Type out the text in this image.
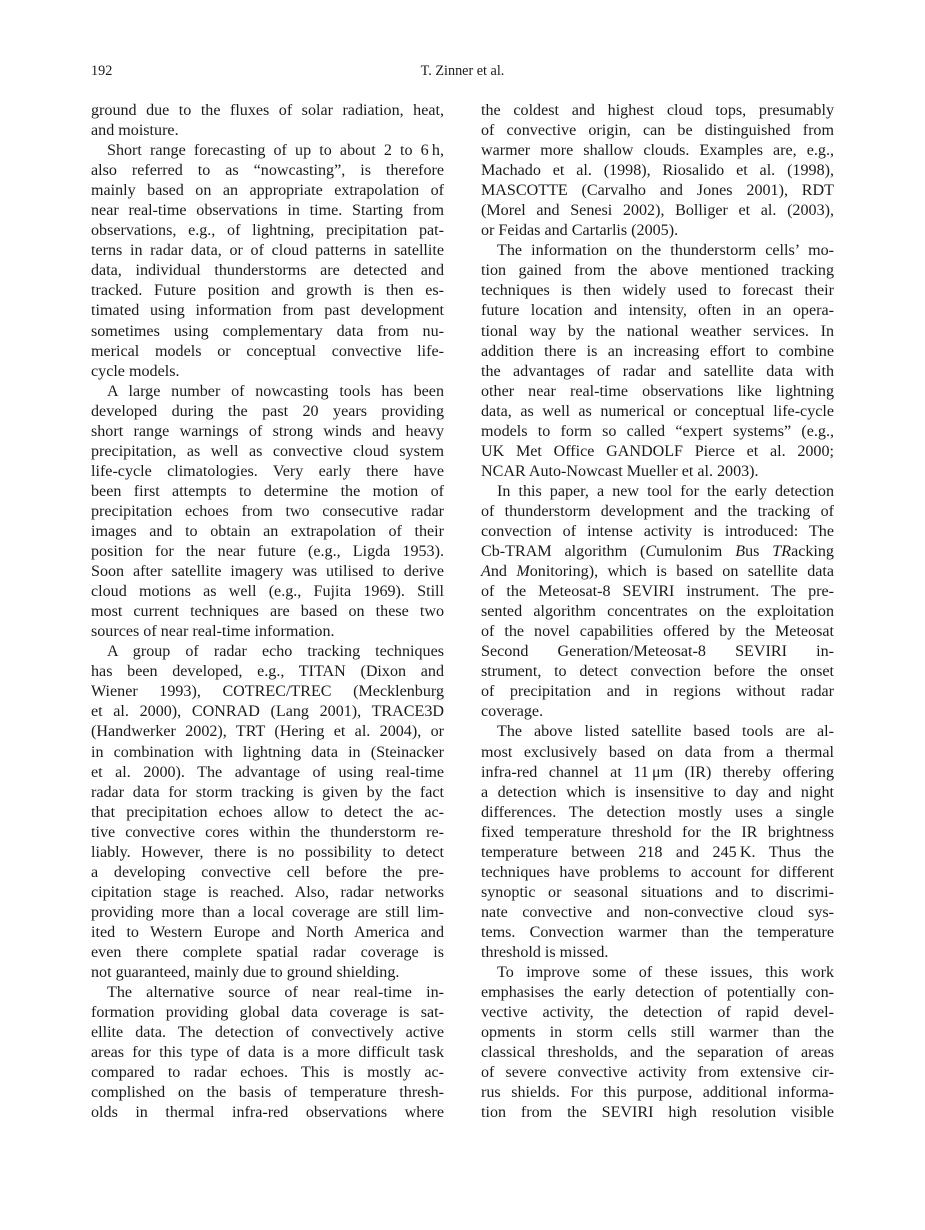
192	T. Zinner et al.

ground due to the fluxes of solar radiation, heat,
and moisture.

Short range forecasting of up to about 2 to 6 h,
also referred to as “nowcasting”, is therefore
mainly based on an appropriate extrapolation of
near real-time observations in time. Starting from
observations, e.g., of lightning, precipitation pat-
terns in radar data, or of cloud patterns in satellite
data, individual thunderstorms are detected and
tracked. Future position and growth is then es-
timated using information from past development
sometimes using complementary data from nu-
merical models or conceptual convective life-
cycle models.

A large number of nowcasting tools has been
developed during the past 20 years providing
short range warnings of strong winds and heavy
precipitation, as well as convective cloud system
life-cycle climatologies. Very early there have
been first attempts to determine the motion of
precipitation echoes from two consecutive radar
images and to obtain an extrapolation of their
position for the near future (e.g., Ligda 1953).
Soon after satellite imagery was utilised to derive
cloud motions as well (e.g., Fujita 1969). Still
most current techniques are based on these two
sources of near real-time information.

A group of radar echo tracking techniques
has been developed, e.g., TITAN (Dixon and
Wiener 1993), COTREC/TREC (Mecklenburg
et al. 2000), CONRAD (Lang 2001), TRACE3D
(Handwerker 2002), TRT (Hering et al. 2004), or
in combination with lightning data in (Steinacker
et al. 2000). The advantage of using real-time
radar data for storm tracking is given by the fact
that precipitation echoes allow to detect the ac-
tive convective cores within the thunderstorm re-
liably. However, there is no possibility to detect
a developing convective cell before the pre-
cipitation stage is reached. Also, radar networks
providing more than a local coverage are still lim-
ited to Western Europe and North America and
even there complete spatial radar coverage is
not guaranteed, mainly due to ground shielding.

The alternative source of near real-time in-
formation providing global data coverage is sat-
ellite data. The detection of convectively active
areas for this type of data is a more difficult task
compared to radar echoes. This is mostly ac-
complished on the basis of temperature thresh-
olds in thermal infra-red observations where

the coldest and highest cloud tops, presumably
of convective origin, can be distinguished from
warmer more shallow clouds. Examples are, e.g.,
Machado et al. (1998), Riosalido et al. (1998),
MASCOTTE (Carvalho and Jones 2001), RDT
(Morel and Senesi 2002), Bolliger et al. (2003),
or Feidas and Cartarlis (2005).

The information on the thunderstorm cells’ mo-
tion gained from the above mentioned tracking
techniques is then widely used to forecast their
future location and intensity, often in an opera-
tional way by the national weather services. In
addition there is an increasing effort to combine
the advantages of radar and satellite data with
other near real-time observations like lightning
data, as well as numerical or conceptual life-cycle
models to form so called “expert systems” (e.g.,
UK Met Office GANDOLF Pierce et al. 2000;
NCAR Auto-Nowcast Mueller et al. 2003).

In this paper, a new tool for the early detection
of thunderstorm development and the tracking of
convection of intense activity is introduced: The
Cb-TRAM algorithm (Cumulonim Bus TRacking
And Monitoring), which is based on satellite data
of the Meteosat-8 SEVIRI instrument. The pre-
sented algorithm concentrates on the exploitation
of the novel capabilities offered by the Meteosat
Second Generation/Meteosat-8 SEVIRI in-
strument, to detect convection before the onset
of precipitation and in regions without radar
coverage.

The above listed satellite based tools are al-
most exclusively based on data from a thermal
infra-red channel at 11 μm (IR) thereby offering
a detection which is insensitive to day and night
differences. The detection mostly uses a single
fixed temperature threshold for the IR brightness
temperature between 218 and 245 K. Thus the
techniques have problems to account for different
synoptic or seasonal situations and to discrimi-
nate convective and non-convective cloud sys-
tems. Convection warmer than the temperature
threshold is missed.

To improve some of these issues, this work
emphasises the early detection of potentially con-
vective activity, the detection of rapid devel-
opments in storm cells still warmer than the
classical thresholds, and the separation of areas
of severe convective activity from extensive cir-
rus shields. For this purpose, additional informa-
tion from the SEVIRI high resolution visible
